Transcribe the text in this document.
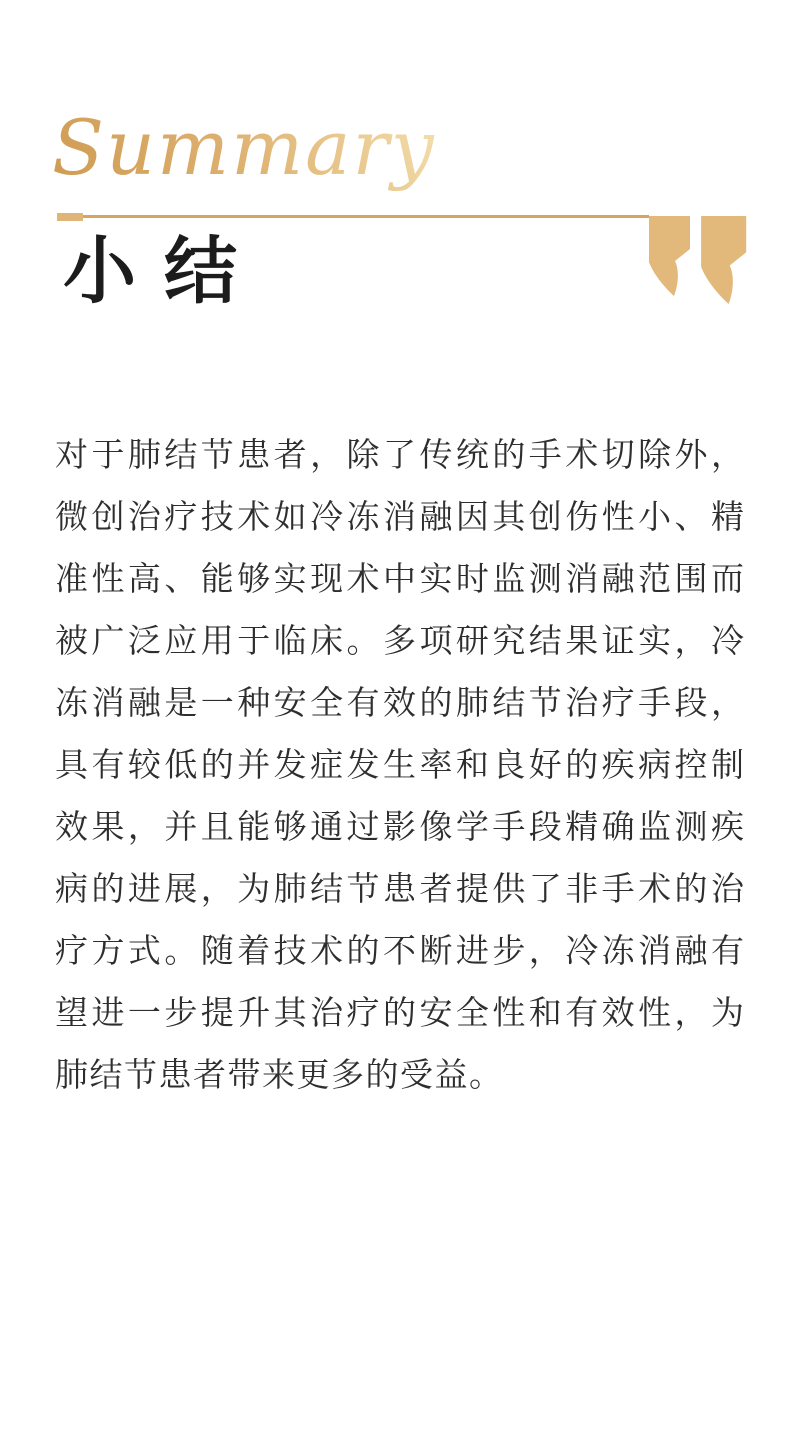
Summary
小结
对于肺结节患者，除了传统的手术切除外，
微创治疗技术如冷冻消融因其创伤性小、精
准性高、能够实现术中实时监测消融范围而
被广泛应用于临床。多项研究结果证实，冷
冻消融是一种安全有效的肺结节治疗手段，
具有较低的并发症发生率和良好的疾病控制
效果，并且能够通过影像学手段精确监测疾
病的进展，为肺结节患者提供了非手术的治
疗方式。随着技术的不断进步，冷冻消融有
望进一步提升其治疗的安全性和有效性，为
肺结节患者带来更多的受益。
